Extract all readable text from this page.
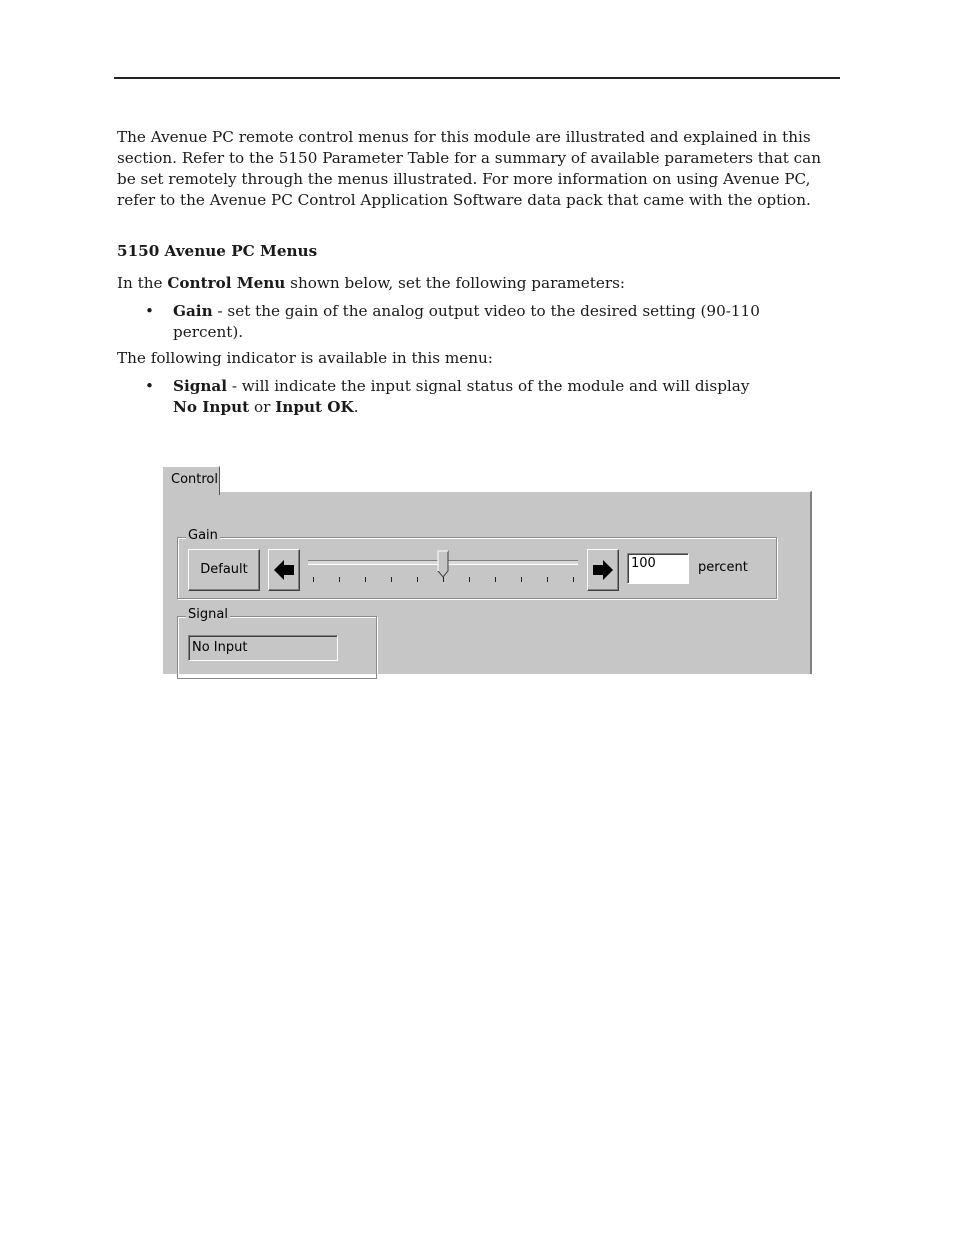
The Avenue PC remote control menus for this module are illustrated and explained in this section. Refer to the 5150 Parameter Table for a summary of available parameters that can be set remotely through the menus illustrated. For more information on using Avenue PC, refer to the Avenue PC Control Application Software data pack that came with the option.

5150 Avenue PC Menus
In the Control Menu shown below, set the following parameters:
• Gain - set the gain of the analog output video to the desired setting (90-110 percent).
The following indicator is available in this menu:
• Signal - will indicate the input signal status of the module and will display
No Input or Input OK.
Control
Gain
Default	100	percent
Signal
No Input
